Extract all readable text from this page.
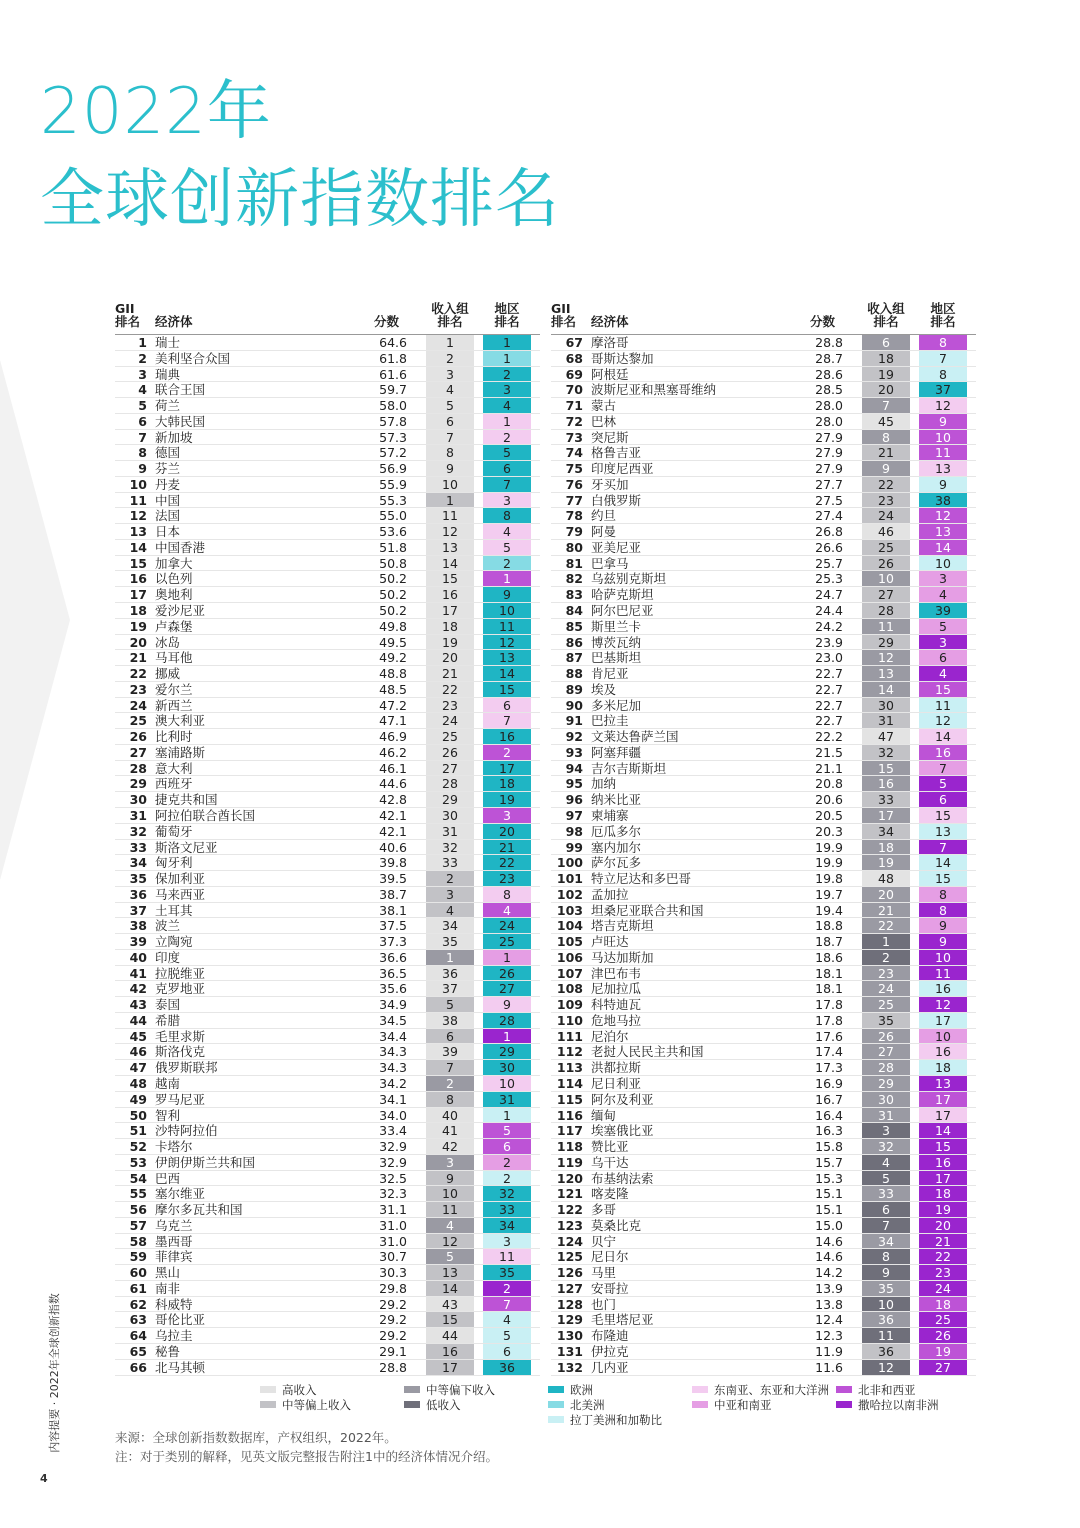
2022年
全球创新指数排名
GII
排名	经济体	分数
收入组
排名
地区
排名
1 瑞士	64.6	1	1
2 美利坚合众国	61.8	2	1
3 瑞典	61.6	3	2
4 联合王国	59.7	4	3
5 荷兰	58.0	5	4
6 大韩民国	57.8	6	1
7 新加坡	57.3	7	2
8 德国	57.2	8	5
9 芬兰	56.9	9	6
10 丹麦	55.9	10	7
11 中国	55.3	1	3
12 法国	55.0	11	8
13 日本	53.6	12	4
14 中国香港	51.8	13	5
15 加拿大	50.8	14	2
16 以色列	50.2	15	1
17 奥地利	50.2	16	9
18 爱沙尼亚	50.2	17	10
19 卢森堡	49.8	18	11
20 冰岛	49.5	19	12
21 马耳他	49.2	20	13
22 挪威	48.8	21	14
23 爱尔兰	48.5	22	15
24 新西兰	47.2	23	6
25 澳大利亚	47.1	24	7
26 比利时	46.9	25	16
27 塞浦路斯	46.2	26	2
28 意大利	46.1	27	17
29 西班牙	44.6	28	18
30 捷克共和国	42.8	29	19
31 阿拉伯联合酋长国	42.1	30	3
32 葡萄牙	42.1	31	20
33 斯洛文尼亚	40.6	32	21
34 匈牙利	39.8	33	22
35 保加利亚	39.5	2	23
36 马来西亚	38.7	3	8
37 土耳其	38.1	4	4
38 波兰	37.5	34	24
39 立陶宛	37.3	35	25
40 印度	36.6	1	1
41 拉脱维亚	36.5	36	26
42 克罗地亚	35.6	37	27
43 泰国	34.9	5	9
44 希腊	34.5	38	28
45 毛里求斯	34.4	6	1
46 斯洛伐克	34.3	39	29
47 俄罗斯联邦	34.3	7	30
48 越南	34.2	2	10
49 罗马尼亚	34.1	8	31
50 智利	34.0	40	1
51 沙特阿拉伯	33.4	41	5
52 卡塔尔	32.9	42	6
53 伊朗伊斯兰共和国	32.9	3	2
54 巴西	32.5	9	2
55 塞尔维亚	32.3	10	32
56 摩尔多瓦共和国	31.1	11	33
57 乌克兰	31.0	4	34
58 墨西哥	31.0	12	3
59 菲律宾	30.7	5	11
60 黑山	30.3	13	35
61 南非	29.8	14	2
62 科威特	29.2	43	7
63 哥伦比亚	29.2	15	4
64 乌拉圭	29.2	44	5
65 秘鲁	29.1	16	6
66 北马其顿	28.8	17	36
GII
排名	经济体	分数
收入组
排名
地区
排名
67 摩洛哥	28.8	6	8
68 哥斯达黎加	28.7	18	7
69 阿根廷	28.6	19	8
70 波斯尼亚和黑塞哥维纳	28.5	20	37
71 蒙古	28.0	7	12
72 巴林	28.0	45	9
73 突尼斯	27.9	8	10
74 格鲁吉亚	27.9	21	11
75 印度尼西亚	27.9	9	13
76 牙买加	27.7	22	9
77 白俄罗斯	27.5	23	38
78 约旦	27.4	24	12
79 阿曼	26.8	46	13
80 亚美尼亚	26.6	25	14
81 巴拿马	25.7	26	10
82 乌兹别克斯坦	25.3	10	3
83 哈萨克斯坦	24.7	27	4
84 阿尔巴尼亚	24.4	28	39
85 斯里兰卡	24.2	11	5
86 博茨瓦纳	23.9	29	3
87 巴基斯坦	23.0	12	6
88 肯尼亚	22.7	13	4
89 埃及	22.7	14	15
90 多米尼加	22.7	30	11
91 巴拉圭	22.7	31	12
92 文莱达鲁萨兰国	22.2	47	14
93 阿塞拜疆	21.5	32	16
94 吉尔吉斯斯坦	21.1	15	7
95 加纳	20.8	16	5
96 纳米比亚	20.6	33	6
97 柬埔寨	20.5	17	15
98 厄瓜多尔	20.3	34	13
99 塞内加尔	19.9	18	7
100 萨尔瓦多	19.9	19	14
101 特立尼达和多巴哥	19.8	48	15
102 孟加拉	19.7	20	8
103 坦桑尼亚联合共和国	19.4	21	8
104 塔吉克斯坦	18.8	22	9
105 卢旺达	18.7	1	9
106 马达加斯加	18.6	2	10
107 津巴布韦	18.1	23	11
108 尼加拉瓜	18.1	24	16
109 科特迪瓦	17.8	25	12
110 危地马拉	17.8	35	17
111 尼泊尔	17.6	26	10
112 老挝人民民主共和国	17.4	27	16
113 洪都拉斯	17.3	28	18
114 尼日利亚	16.9	29	13
115 阿尔及利亚	16.7	30	17
116 缅甸	16.4	31	17
117 埃塞俄比亚	16.3	3	14
118 赞比亚	15.8	32	15
119 乌干达	15.7	4	16
120 布基纳法索	15.3	5	17
121 喀麦隆	15.1	33	18
122 多哥	15.1	6	19
123 莫桑比克	15.0	7	20
124 贝宁	14.6	34	21
125 尼日尔	14.6	8	22
126 马里	14.2	9	23
127 安哥拉	13.9	35	24
128 也门	13.8	10	18
129 毛里塔尼亚	12.4	36	25
130 布隆迪	12.3	11	26
131 伊拉克	11.9	36	19
132 几内亚	11.6	12	27
高收入
中等偏上收入
中等偏下收入
低收入
欧洲
北美洲
拉丁美洲和加勒比
东南亚、东亚和大洋洲
中亚和南亚
北非和西亚
撒哈拉以南非洲
来源：全球创新指数数据库，产权组织，2022年。
注：对于类别的解释，见英文版完整报告附注1中的经济体情况介绍。
内容提要 · 2022年全球创新指数
4
